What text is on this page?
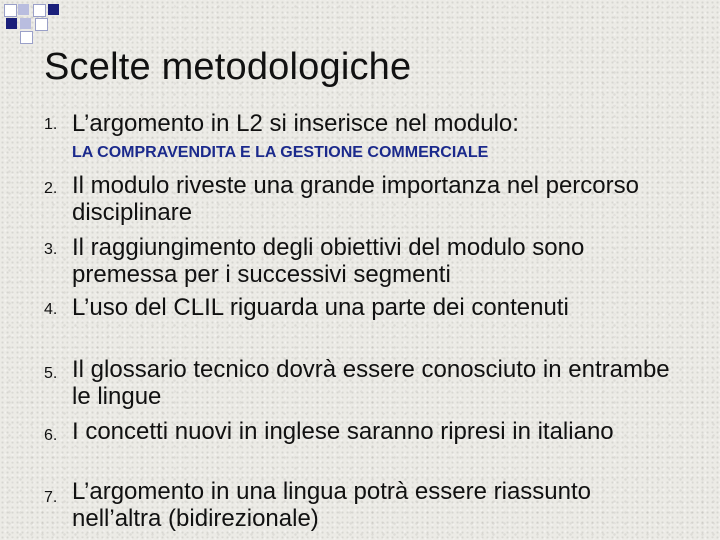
Scelte metodologiche
1. L’argomento in L2 si inserisce nel modulo:
LA COMPRAVENDITA E LA GESTIONE COMMERCIALE
2. Il modulo riveste una grande importanza nel percorso disciplinare
3. Il raggiungimento degli obiettivi del modulo sono premessa per i successivi segmenti
4. L’uso del CLIL riguarda una parte dei contenuti
5. Il glossario tecnico dovrà essere conosciuto in entrambe le lingue
6. I concetti nuovi in inglese saranno ripresi in italiano
7. L’argomento in una lingua potrà essere riassunto nell’altra (bidirezionale)
